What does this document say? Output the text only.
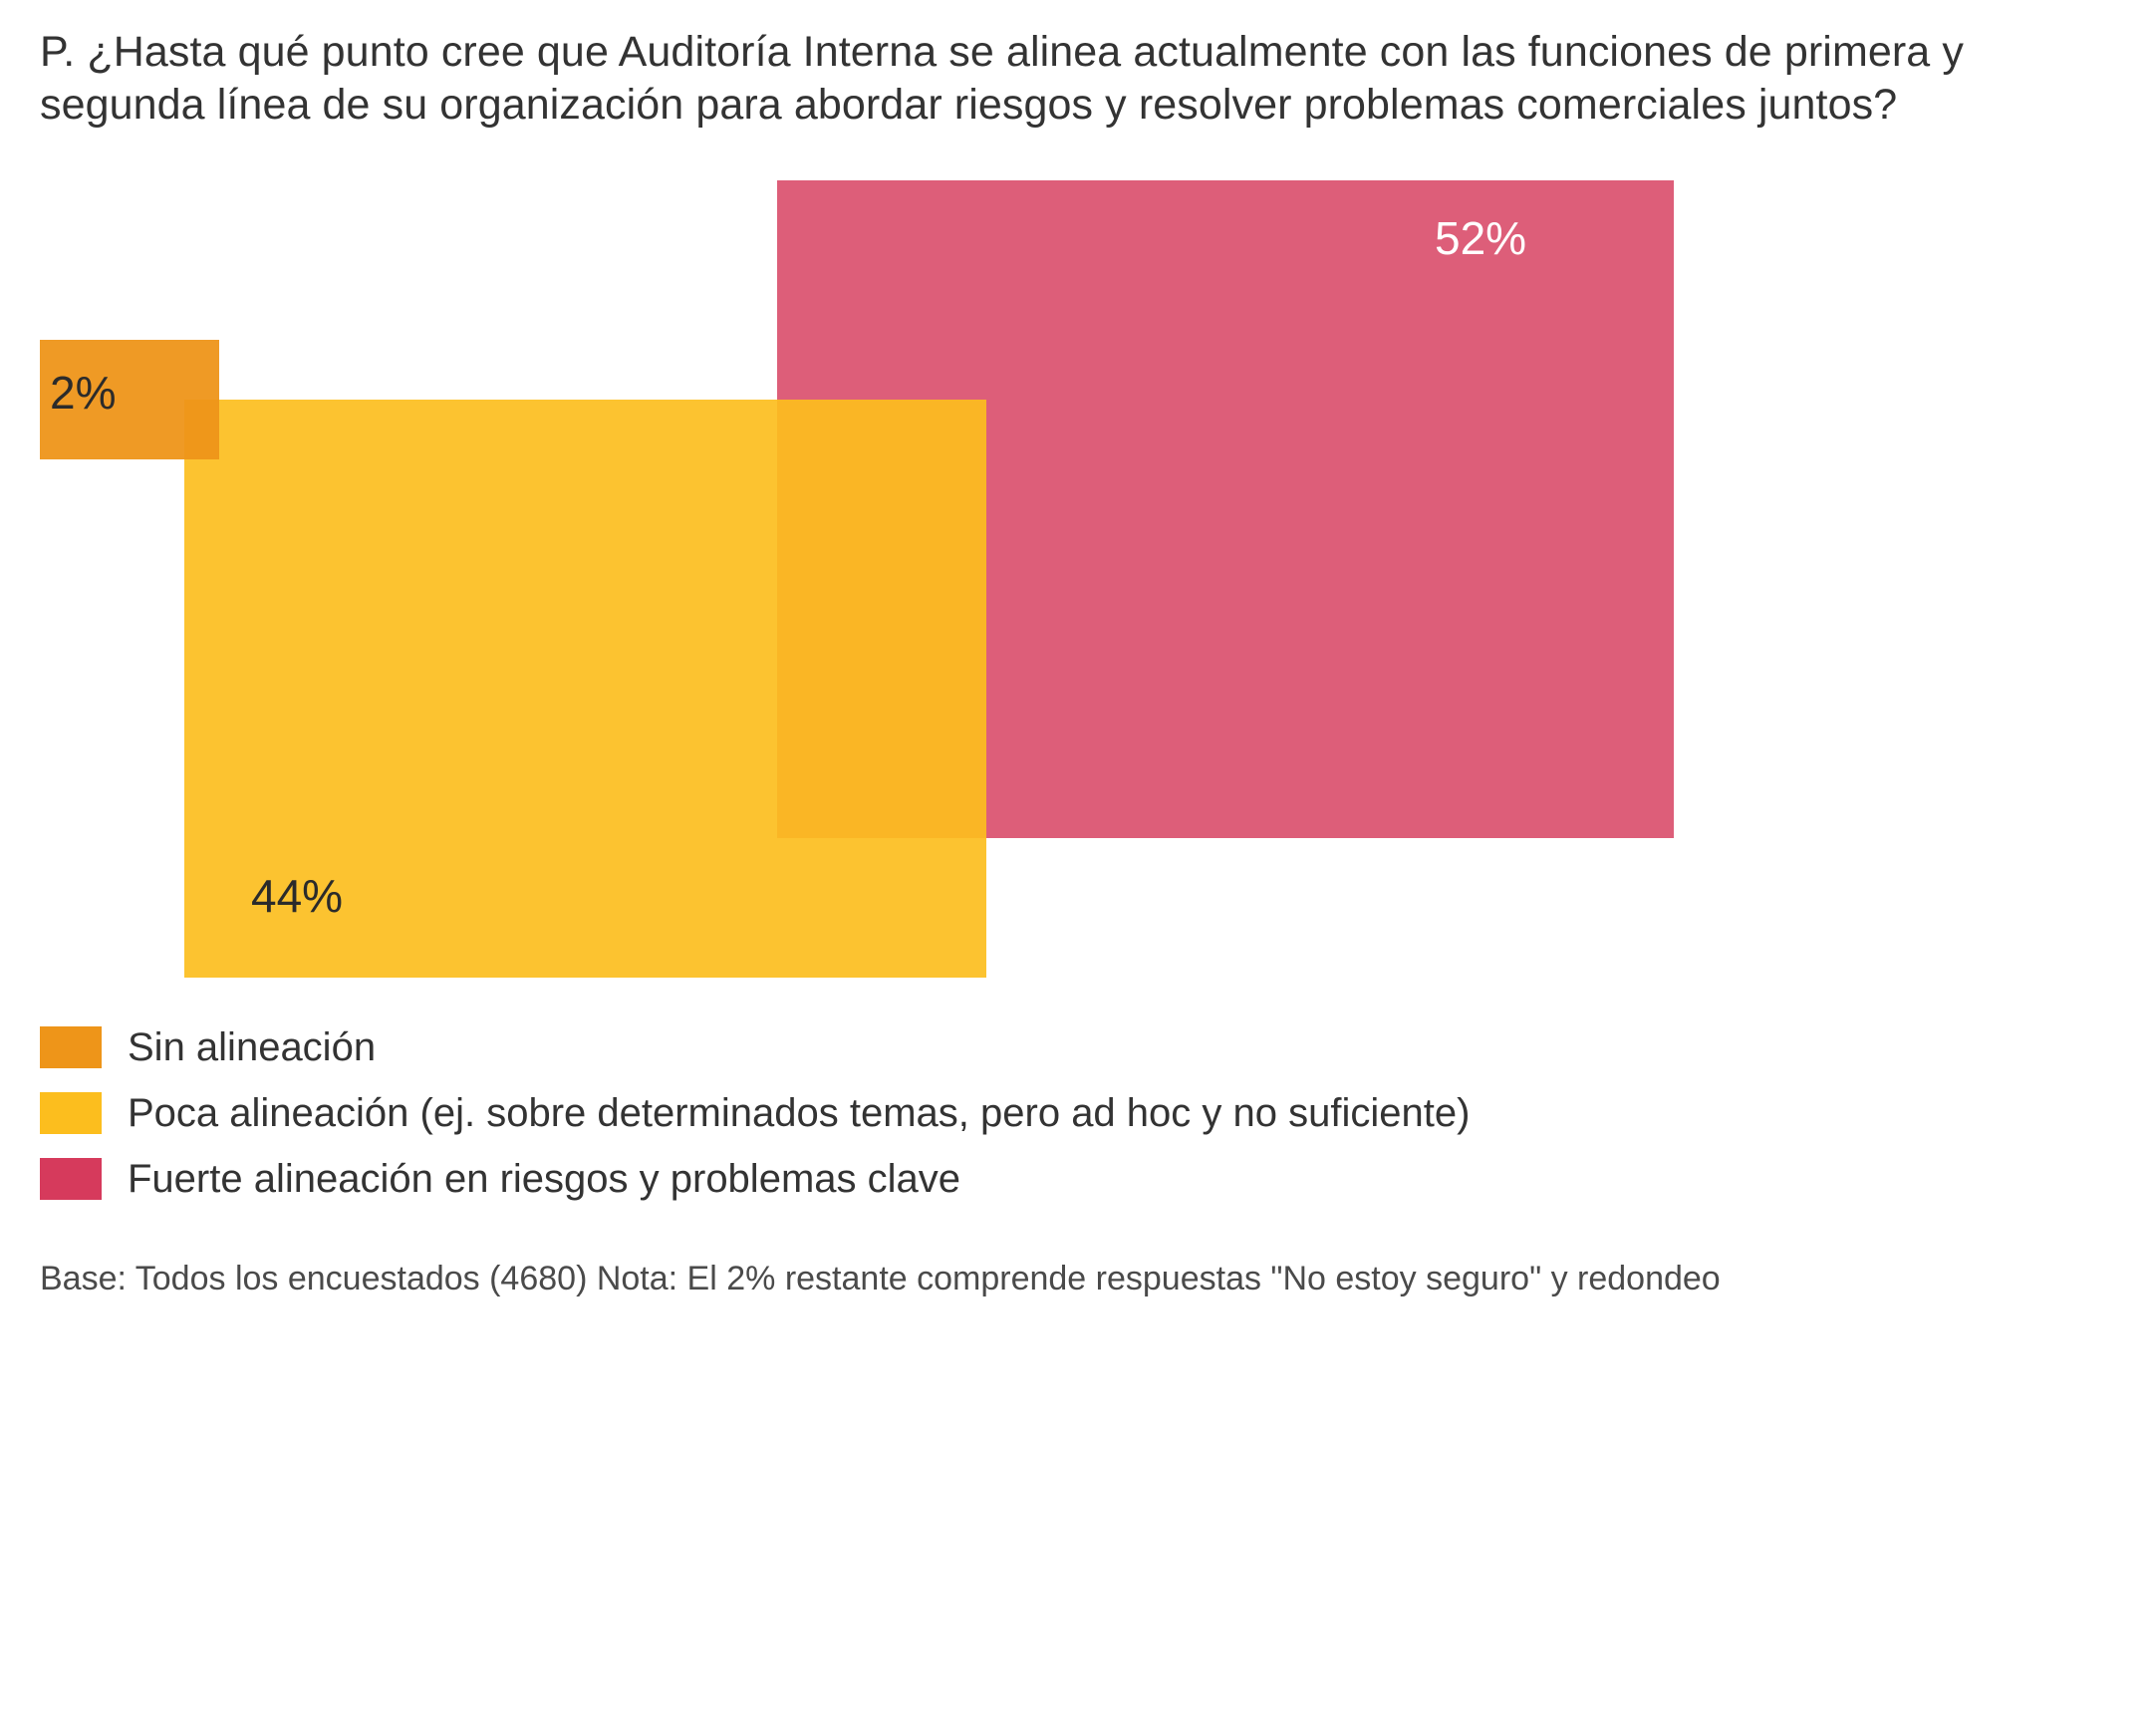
P. ¿Hasta qué punto cree que Auditoría Interna se alinea actualmente con las funciones de primera y segunda línea de su organización para abordar riesgos y resolver problemas comerciales juntos?
2%
52%
44%
Sin alineación
Poca alineación (ej. sobre determinados temas, pero ad hoc y no suficiente)
Fuerte alineación en riesgos y problemas clave
Base: Todos los encuestados (4680) Nota: El 2% restante comprende respuestas "No estoy seguro" y redondeo
